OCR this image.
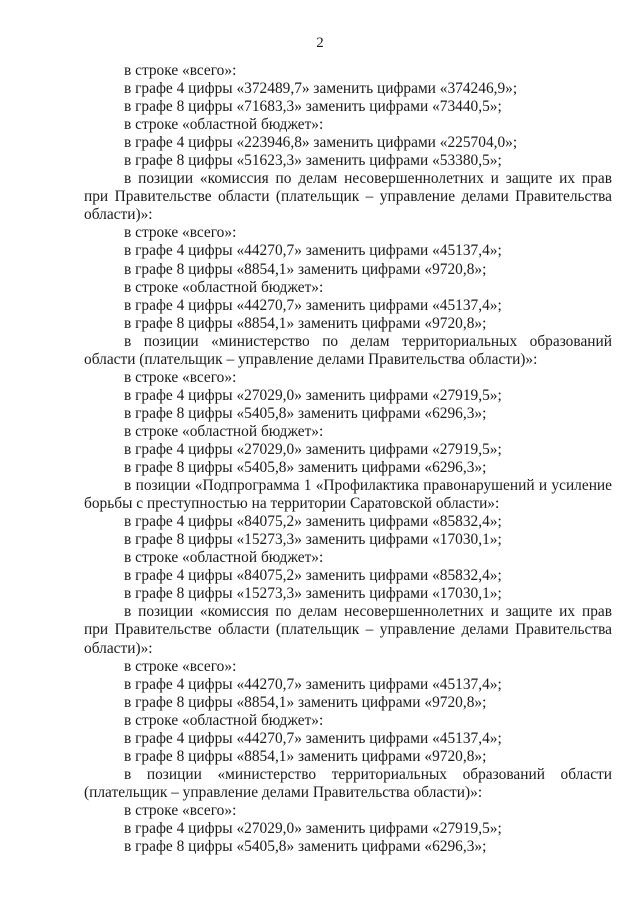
2
в строке «всего»:
в графе 4 цифры «372489,7» заменить цифрами «374246,9»;
в графе 8 цифры «71683,3» заменить цифрами «73440,5»;
в строке «областной бюджет»:
в графе 4 цифры «223946,8» заменить цифрами «225704,0»;
в графе 8 цифры «51623,3» заменить цифрами «53380,5»;
в позиции «комиссия по делам несовершеннолетних и защите их прав
при Правительстве области (плательщик – управление делами Правительства
области)»:
в строке «всего»:
в графе 4 цифры «44270,7» заменить цифрами «45137,4»;
в графе 8 цифры «8854,1» заменить цифрами «9720,8»;
в строке «областной бюджет»:
в графе 4 цифры «44270,7» заменить цифрами «45137,4»;
в графе 8 цифры «8854,1» заменить цифрами «9720,8»;
в позиции «министерство по делам территориальных образований
области (плательщик – управление делами Правительства области)»:
в строке «всего»:
в графе 4 цифры «27029,0» заменить цифрами «27919,5»;
в графе 8 цифры «5405,8» заменить цифрами «6296,3»;
в строке «областной бюджет»:
в графе 4 цифры «27029,0» заменить цифрами «27919,5»;
в графе 8 цифры «5405,8» заменить цифрами «6296,3»;
в позиции «Подпрограмма 1 «Профилактика правонарушений и усиление
борьбы с преступностью на территории Саратовской области»:
в графе 4 цифры «84075,2» заменить цифрами «85832,4»;
в графе 8 цифры «15273,3» заменить цифрами «17030,1»;
в строке «областной бюджет»:
в графе 4 цифры «84075,2» заменить цифрами «85832,4»;
в графе 8 цифры «15273,3» заменить цифрами «17030,1»;
в позиции «комиссия по делам несовершеннолетних и защите их прав
при Правительстве области (плательщик – управление делами Правительства
области)»:
в строке «всего»:
в графе 4 цифры «44270,7» заменить цифрами «45137,4»;
в графе 8 цифры «8854,1» заменить цифрами «9720,8»;
в строке «областной бюджет»:
в графе 4 цифры «44270,7» заменить цифрами «45137,4»;
в графе 8 цифры «8854,1» заменить цифрами «9720,8»;
в позиции «министерство территориальных образований области
(плательщик – управление делами Правительства области)»:
в строке «всего»:
в графе 4 цифры «27029,0» заменить цифрами «27919,5»;
в графе 8 цифры «5405,8» заменить цифрами «6296,3»;
